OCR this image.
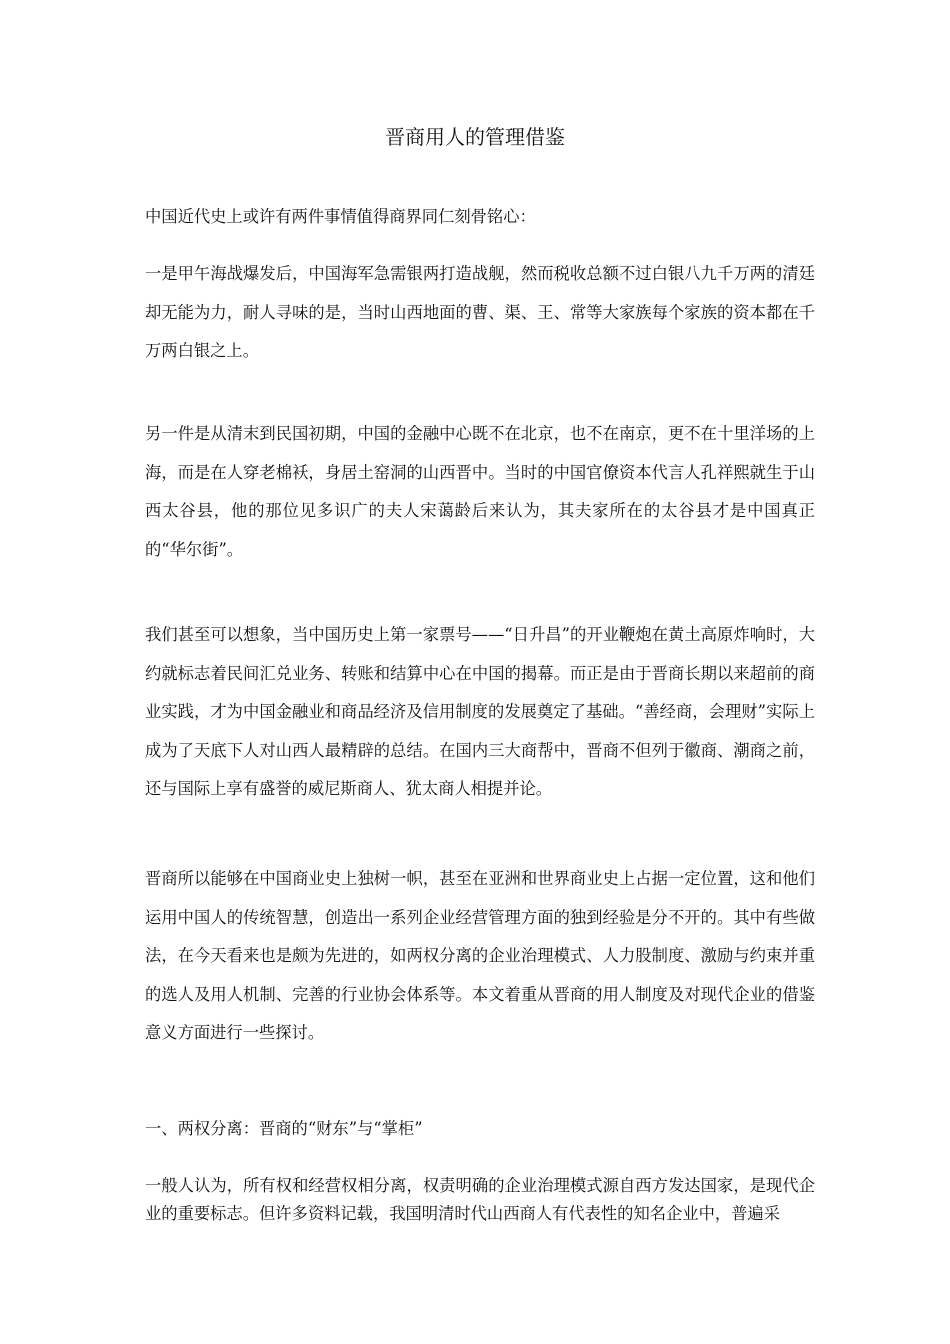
晋商用人的管理借鉴

中国近代史上或许有两件事情值得商界同仁刻骨铭心：

一是甲午海战爆发后，中国海军急需银两打造战舰，然而税收总额不过白银八九千万两的清廷却无能为力，耐人寻味的是，当时山西地面的曹、渠、王、常等大家族每个家族的资本都在千万两白银之上。

另一件是从清末到民国初期，中国的金融中心既不在北京，也不在南京，更不在十里洋场的上海，而是在人穿老棉袄，身居土窑洞的山西晋中。当时的中国官僚资本代言人孔祥熙就生于山西太谷县，他的那位见多识广的夫人宋蔼龄后来认为，其夫家所在的太谷县才是中国真正的“华尔街”。

我们甚至可以想象，当中国历史上第一家票号——“日升昌”的开业鞭炮在黄土高原炸响时，大约就标志着民间汇兑业务、转账和结算中心在中国的揭幕。而正是由于晋商长期以来超前的商业实践，才为中国金融业和商品经济及信用制度的发展奠定了基础。“善经商，会理财”实际上成为了天底下人对山西人最精辟的总结。在国内三大商帮中，晋商不但列于徽商、潮商之前，还与国际上享有盛誉的威尼斯商人、犹太商人相提并论。

晋商所以能够在中国商业史上独树一帜，甚至在亚洲和世界商业史上占据一定位置，这和他们运用中国人的传统智慧，创造出一系列企业经营管理方面的独到经验是分不开的。其中有些做法，在今天看来也是颇为先进的，如两权分离的企业治理模式、人力股制度、激励与约束并重的选人及用人机制、完善的行业协会体系等。本文着重从晋商的用人制度及对现代企业的借鉴意义方面进行一些探讨。

一、两权分离：晋商的“财东”与“掌柜”

一般人认为，所有权和经营权相分离，权责明确的企业治理模式源自西方发达国家，是现代企业的重要标志。但许多资料记载，我国明清时代山西商人有代表性的知名企业中，普遍采
